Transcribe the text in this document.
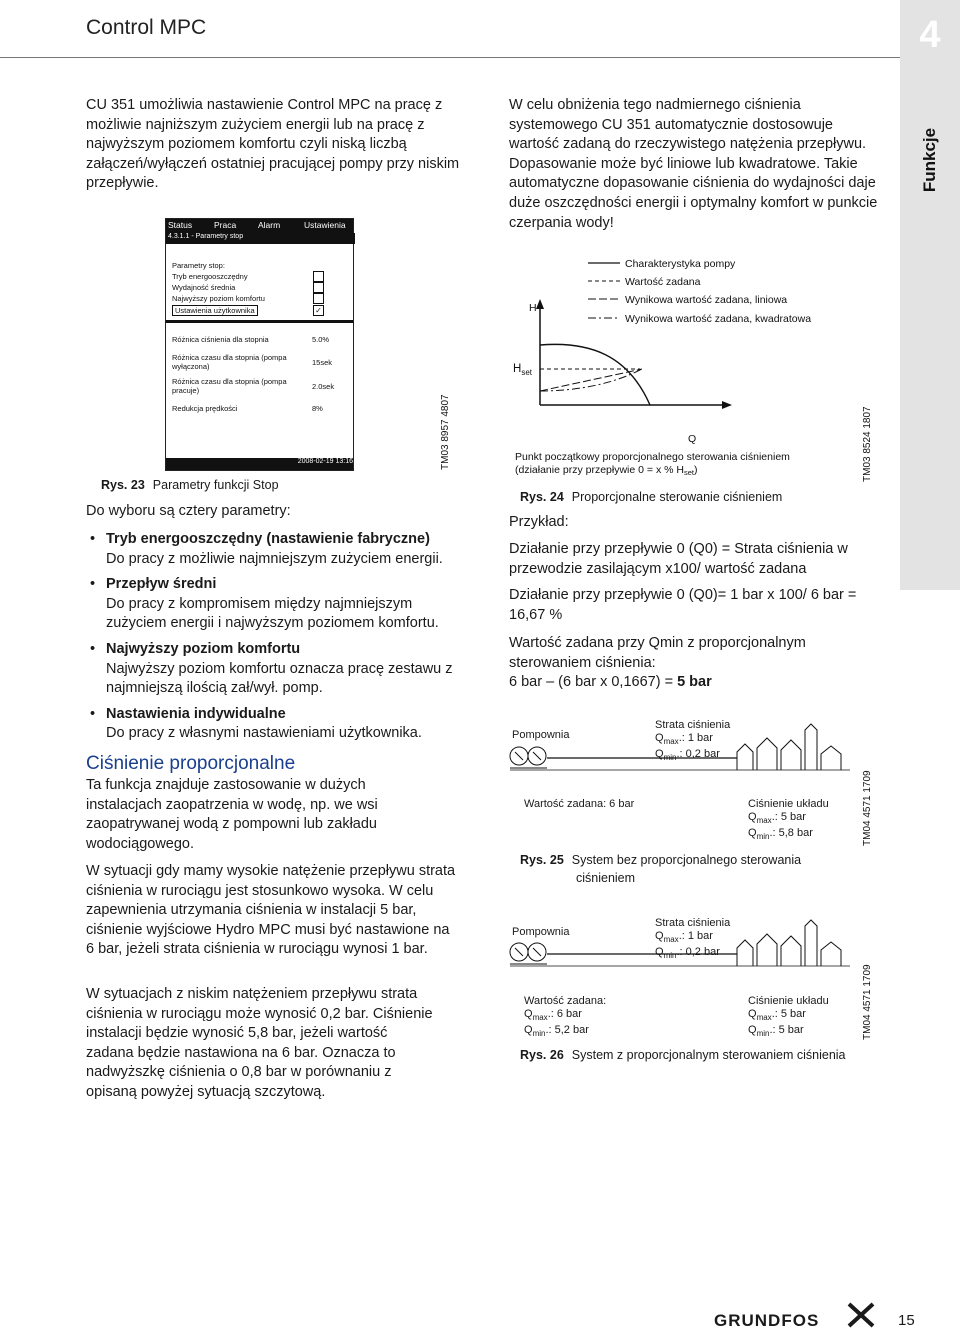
Control MPC	4
Funkcje
CU 351 umożliwia nastawienie Control MPC na pracę z możliwie najniższym zużyciem energii lub na pracę z najwyższym poziomem komfortu czyli niską liczbą załączeń/wyłączeń ostatniej pracującej pompy przy niskim przepływie.
Status	Praca	Alarm	Ustawienia
4.3.1.1 - Parametry stop
Parametry stop:
Tryb energooszczędny
Wydajność średnia
Najwyższy poziom komfortu
Ustawienia użytkownika	✓
Różnica ciśnienia dla stopnia	5.0%
Różnica czasu dla stopnia (pompa wyłączona)	15sek
Różnica czasu dla stopnia (pompa pracuje)	2.0sek
Redukcja prędkości	8%
2008-02-19 13:16	TM03 8957 4807
Rys. 23 Parametry funkcji Stop
Do wyboru są cztery parametry:
• Tryb energooszczędny (nastawienie fabryczne)
Do pracy z możliwie najmniejszym zużyciem energii.
• Przepływ średni
Do pracy z kompromisem między najmniejszym zużyciem energii i najwyższym poziomem komfortu.
• Najwyższy poziom komfortu
Najwyższy poziom komfortu oznacza pracę zestawu z najmniejszą ilością zał/wył. pomp.
• Nastawienia indywidualne
Do pracy z własnymi nastawieniami użytkownika.
Ciśnienie proporcjonalne
Ta funkcja znajduje zastosowanie w dużych instalacjach zaopatrzenia w wodę, np. we wsi zaopatrywanej wodą z pompowni lub zakładu wodociągowego.
W sytuacji gdy mamy wysokie natężenie przepływu strata ciśnienia w rurociągu jest stosunkowo wysoka. W celu zapewnienia utrzymania ciśnienia w instalacji 5 bar, ciśnienie wyjściowe Hydro MPC musi być nastawione na 6 bar, jeżeli strata ciśnienia w rurociągu wynosi 1 bar.
W sytuacjach z niskim natężeniem przepływu strata ciśnienia w rurociągu może wynosić 0,2 bar. Ciśnienie instalacji będzie wynosić 5,8 bar, jeżeli wartość zadana będzie nastawiona na 6 bar. Oznacza to nadwyższkę ciśnienia o 0,8 bar w porównaniu z opisaną powyżej sytuacją szczytową.
W celu obniżenia tego nadmiernego ciśnienia systemowego CU 351 automatycznie dostosowuje wartość zadaną do rzeczywistego natężenia przepływu. Dopasowanie może być liniowe lub kwadratowe. Takie automatyczne dopasowanie ciśnienia do wydajności daje duże oszczędności energii i optymalny komfort w punkcie czerpania wody!
Charakterystyka pompy
Wartość zadana
Wynikowa wartość zadana, liniowa
Wynikowa wartość zadana, kwadratowa
H
$H_{set}$
Q
Punkt początkowy proporcjonalnego sterowania ciśnieniem
(działanie przy przepływie 0 = x % Hset)	TM03 8524 1807
Rys. 24 Proporcjonalne sterowanie ciśnieniem
Przykład:
Działanie przy przepływie 0 (Q0) = Strata ciśnienia w przewodzie zasilającym x100/ wartość zadana
Działanie przy przepływie 0 (Q0)= 1 bar x 100/ 6 bar = 16,67 %
Wartość zadana przy Qmin z proporcjonalnym
sterowaniem ciśnienia:
6 bar – (6 bar x 0,1667) = 5 bar
Pompownia
Strata ciśnienia
$Q_{max}$.: 1 bar
$Q_{min}$.: 0,2 bar
Wartość zadana: 6 bar	Ciśnienie układu
$Q_{max}$.: 5 bar
$Q_{min}$.: 5,8 bar	TM04 4571 1709
Rys. 25 System bez proporcjonalnego sterowania
ciśnieniem
Pompownia
Strata ciśnienia
$Q_{max}$.: 1 bar
$Q_{min}$.: 0,2 bar
Wartość zadana:
$Q_{max}$.: 6 bar
$Q_{min}$.: 5,2 bar
Ciśnienie układu
$Q_{max}$.: 5 bar
$Q_{min}$.: 5 bar	TM04 4571 1709
Rys. 26 System z proporcjonalnym sterowaniem ciśnienia
GRUNDFOS	15
